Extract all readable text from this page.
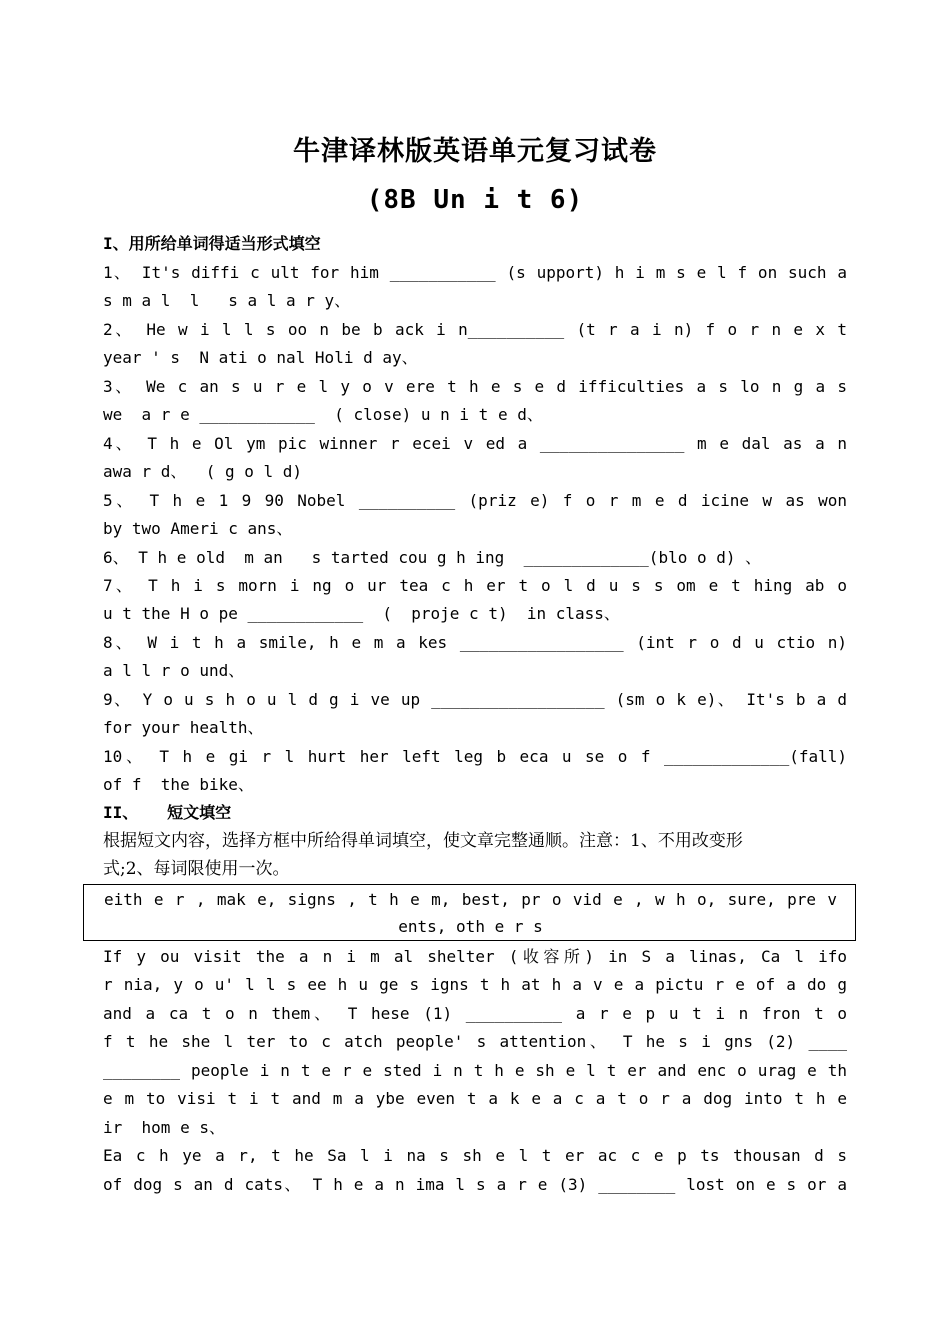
牛津译林版英语单元复习试卷
(8B Un i t 6)
I、用所给单词得适当形式填空
1、 It's diffi c ult for him ___________ (s upport) h i m s e l f on such a
s m a l  l   s a l a r y、
2、 He w i l l s oo n be b ack i n__________ (t r a i n) f o r n e x t
year ' s  N ati o nal Holi d ay、
3、 We c an s u r e l y o v ere t h e s e d ifficulties a s lo n g a s
we  a r e ____________  ( close) u n i t e d、
4、 T h e Ol ym pic winner r ecei v ed a _______________ m e dal as a n
awa r d、  ( g o l d)
5、 T h e 1 9 90 Nobel __________ (priz e) f o r m e d icine w as won
by two Ameri c ans、
6、 T h e old  m an   s tarted cou g h ing  _____________(blo o d) 、
7、 T h i s morn i ng o ur tea c h er t o l d u s s om e t hing ab o
u t the H o pe ____________  (  proje c t)  in class、
8、 W i t h a smile, h e m a kes _________________ (int r o d u ctio n)
a l l r o und、
9、 Y o u s h o u l d g i ve up __________________ (sm o k e)、 It's b a d
for your health、
10、 T h e gi r l hurt her left leg b eca u se o f _____________(fall)
of f  the bike、
II、   短文填空
根据短文内容，选择方框中所给得单词填空，使文章完整通顺。注意：1、不用改变形
式;2、每词限使用一次。
eith e r , mak e, signs , t h e m, best, pr o vid e , w h o, sure, pre v
ents, oth e r s
If y ou visit the a n i m al shelter (收容所) in S a linas, Ca l ifo
r nia, y o u' l l s ee h u ge s igns t h at h a v e a pictu r e of a do g
and a ca t o n them、 T hese (1) __________ a r e p u t i n fron t o
f t he she l ter to c atch people' s attention、 T he s i gns (2) ____
________ people i n t e r e sted i n t h e sh e l t er and enc o urag e th
e m to visi t i t and m a ybe even t a k e a c a t o r a dog into t h e
ir  hom e s、
Ea c h ye a r, t he Sa l i na s sh e l t er ac c e p ts thousan d s
of dog s an d cats、 T h e a n ima l s a r e (3) ________ lost on e s or a
